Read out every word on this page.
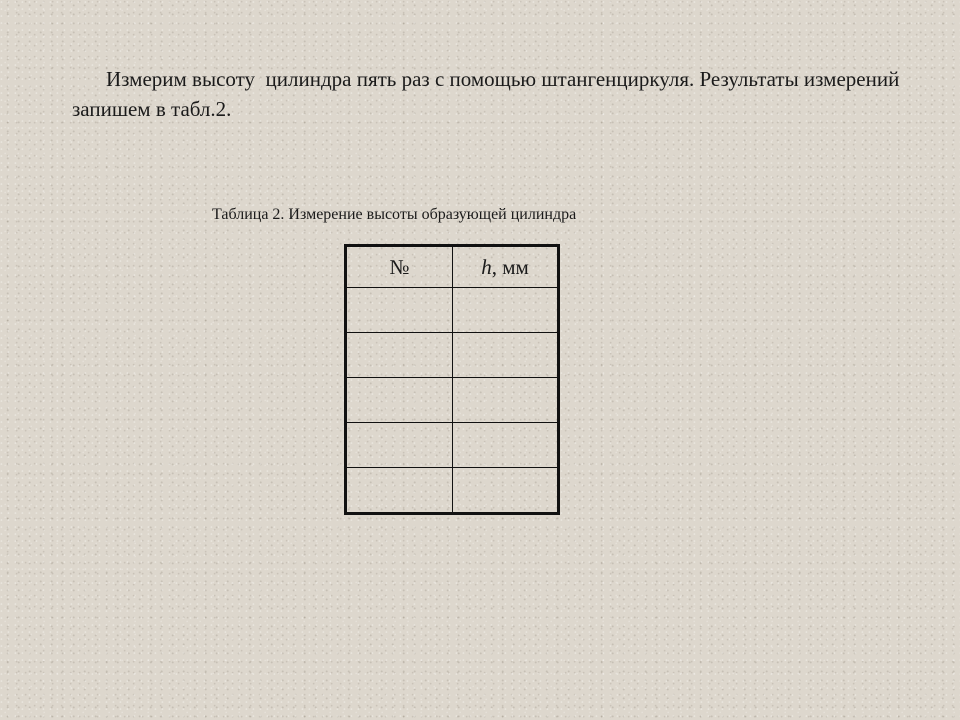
Измерим высоту  цилиндра пять раз с помощью штангенциркуля. Результаты измерений запишем в табл.2.

Таблица 2. Измерение высоты образующей цилиндра

№	h, мм
